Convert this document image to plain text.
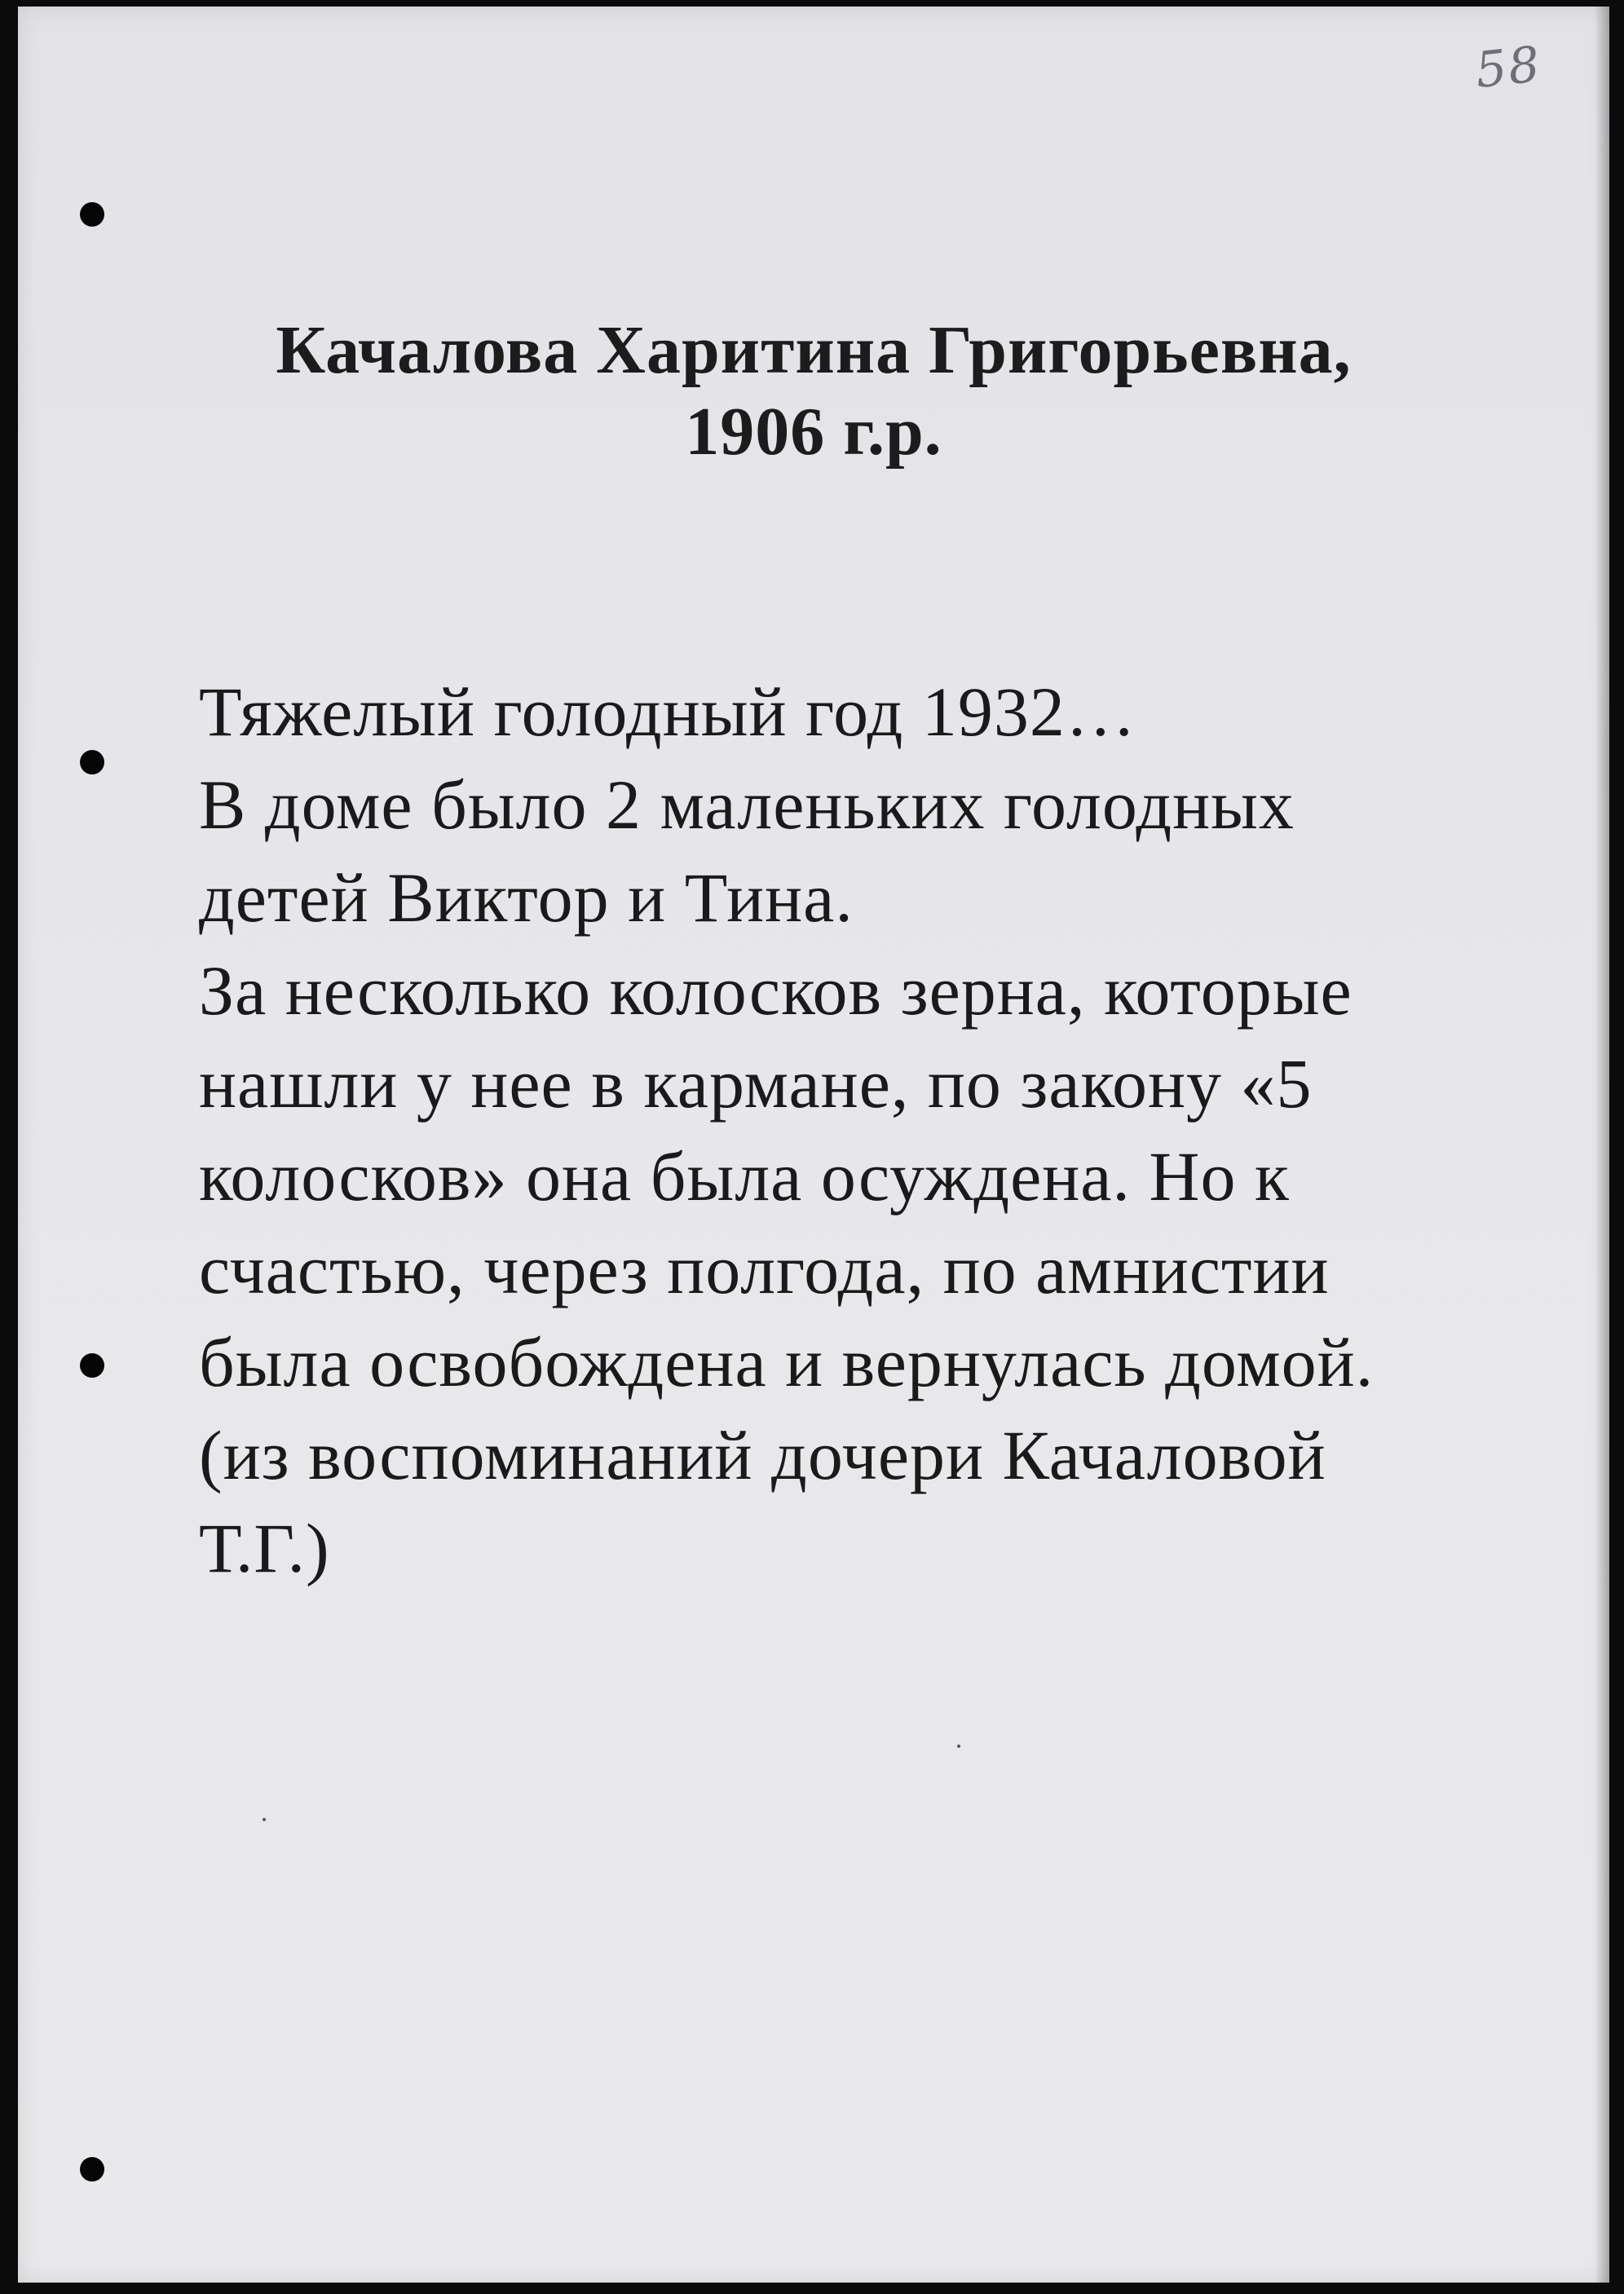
58
Качалова Харитина Григорьевна,
1906 г.р.
Тяжелый голодный год 1932…
В доме было 2 маленьких голодных
детей Виктор и Тина.
За несколько колосков зерна, которые
нашли у нее в кармане, по закону «5
колосков» она была осуждена. Но к
счастью, через полгода, по амнистии
была освобождена и вернулась домой.
(из воспоминаний дочери Качаловой
Т.Г.)
